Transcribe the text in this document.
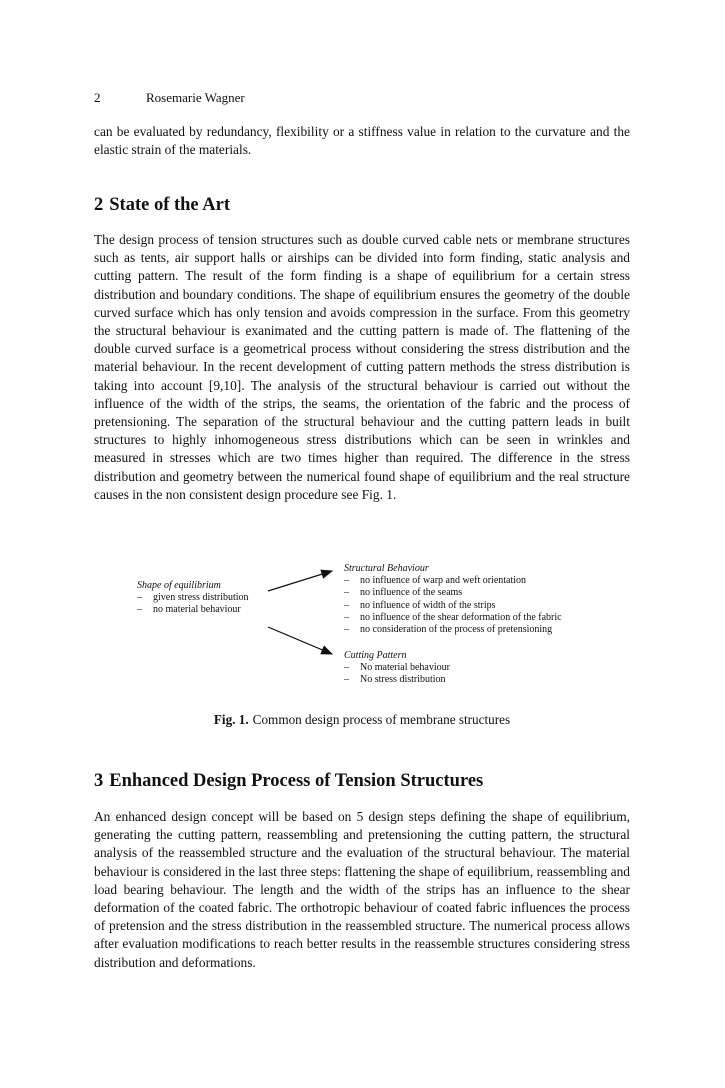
2	Rosemarie Wagner

can be evaluated by redundancy, flexibility or a stiffness value in relation to the curvature and the elastic strain of the materials.

2 State of the Art

The design process of tension structures such as double curved cable nets or membrane structures such as tents, air support halls or airships can be divided into form finding, static analysis and cutting pattern. The result of the form finding is a shape of equilibrium for a certain stress distribution and boundary conditions. The shape of equilibrium ensures the geometry of the double curved surface which has only tension and avoids compression in the surface. From this geometry the structural behaviour is exanimated and the cutting pattern is made of. The flattening of the double curved surface is a geometrical process without considering the stress distribution and the material behaviour. In the recent development of cutting pattern methods the stress distribution is taking into account [9,10]. The analysis of the structural behaviour is carried out without the influence of the width of the strips, the seams, the orientation of the fabric and the process of pretensioning. The separation of the structural behaviour and the cutting pattern leads in built structures to highly inhomogeneous stress distributions which can be seen in wrinkles and measured in stresses which are two times higher than required. The difference in the stress distribution and geometry between the numerical found shape of equilibrium and the real structure causes in the non consistent design procedure see Fig. 1.

Shape of equilibrium
– given stress distribution
– no material behaviour
Structural Behaviour
– no influence of warp and weft orientation
– no influence of the seams
– no influence of width of the strips
– no influence of the shear deformation of the fabric
– no consideration of the process of pretensioning
Cutting Pattern
– No material behaviour
– No stress distribution
Fig. 1. Common design process of membrane structures
3 Enhanced Design Process of Tension Structures

An enhanced design concept will be based on 5 design steps defining the shape of equilibrium, generating the cutting pattern, reassembling and pretensioning the cutting pattern, the structural analysis of the reassembled structure and the evaluation of the structural behaviour. The material behaviour is considered in the last three steps: flattening the shape of equilibrium, reassembling and load bearing behaviour. The length and the width of the strips has an influence to the shear deformation of the coated fabric. The orthotropic behaviour of coated fabric influences the process of pretension and the stress distribution in the reassembled structure. The numerical process allows after evaluation modifications to reach better results in the reassemble structures considering stress distribution and deformations.
